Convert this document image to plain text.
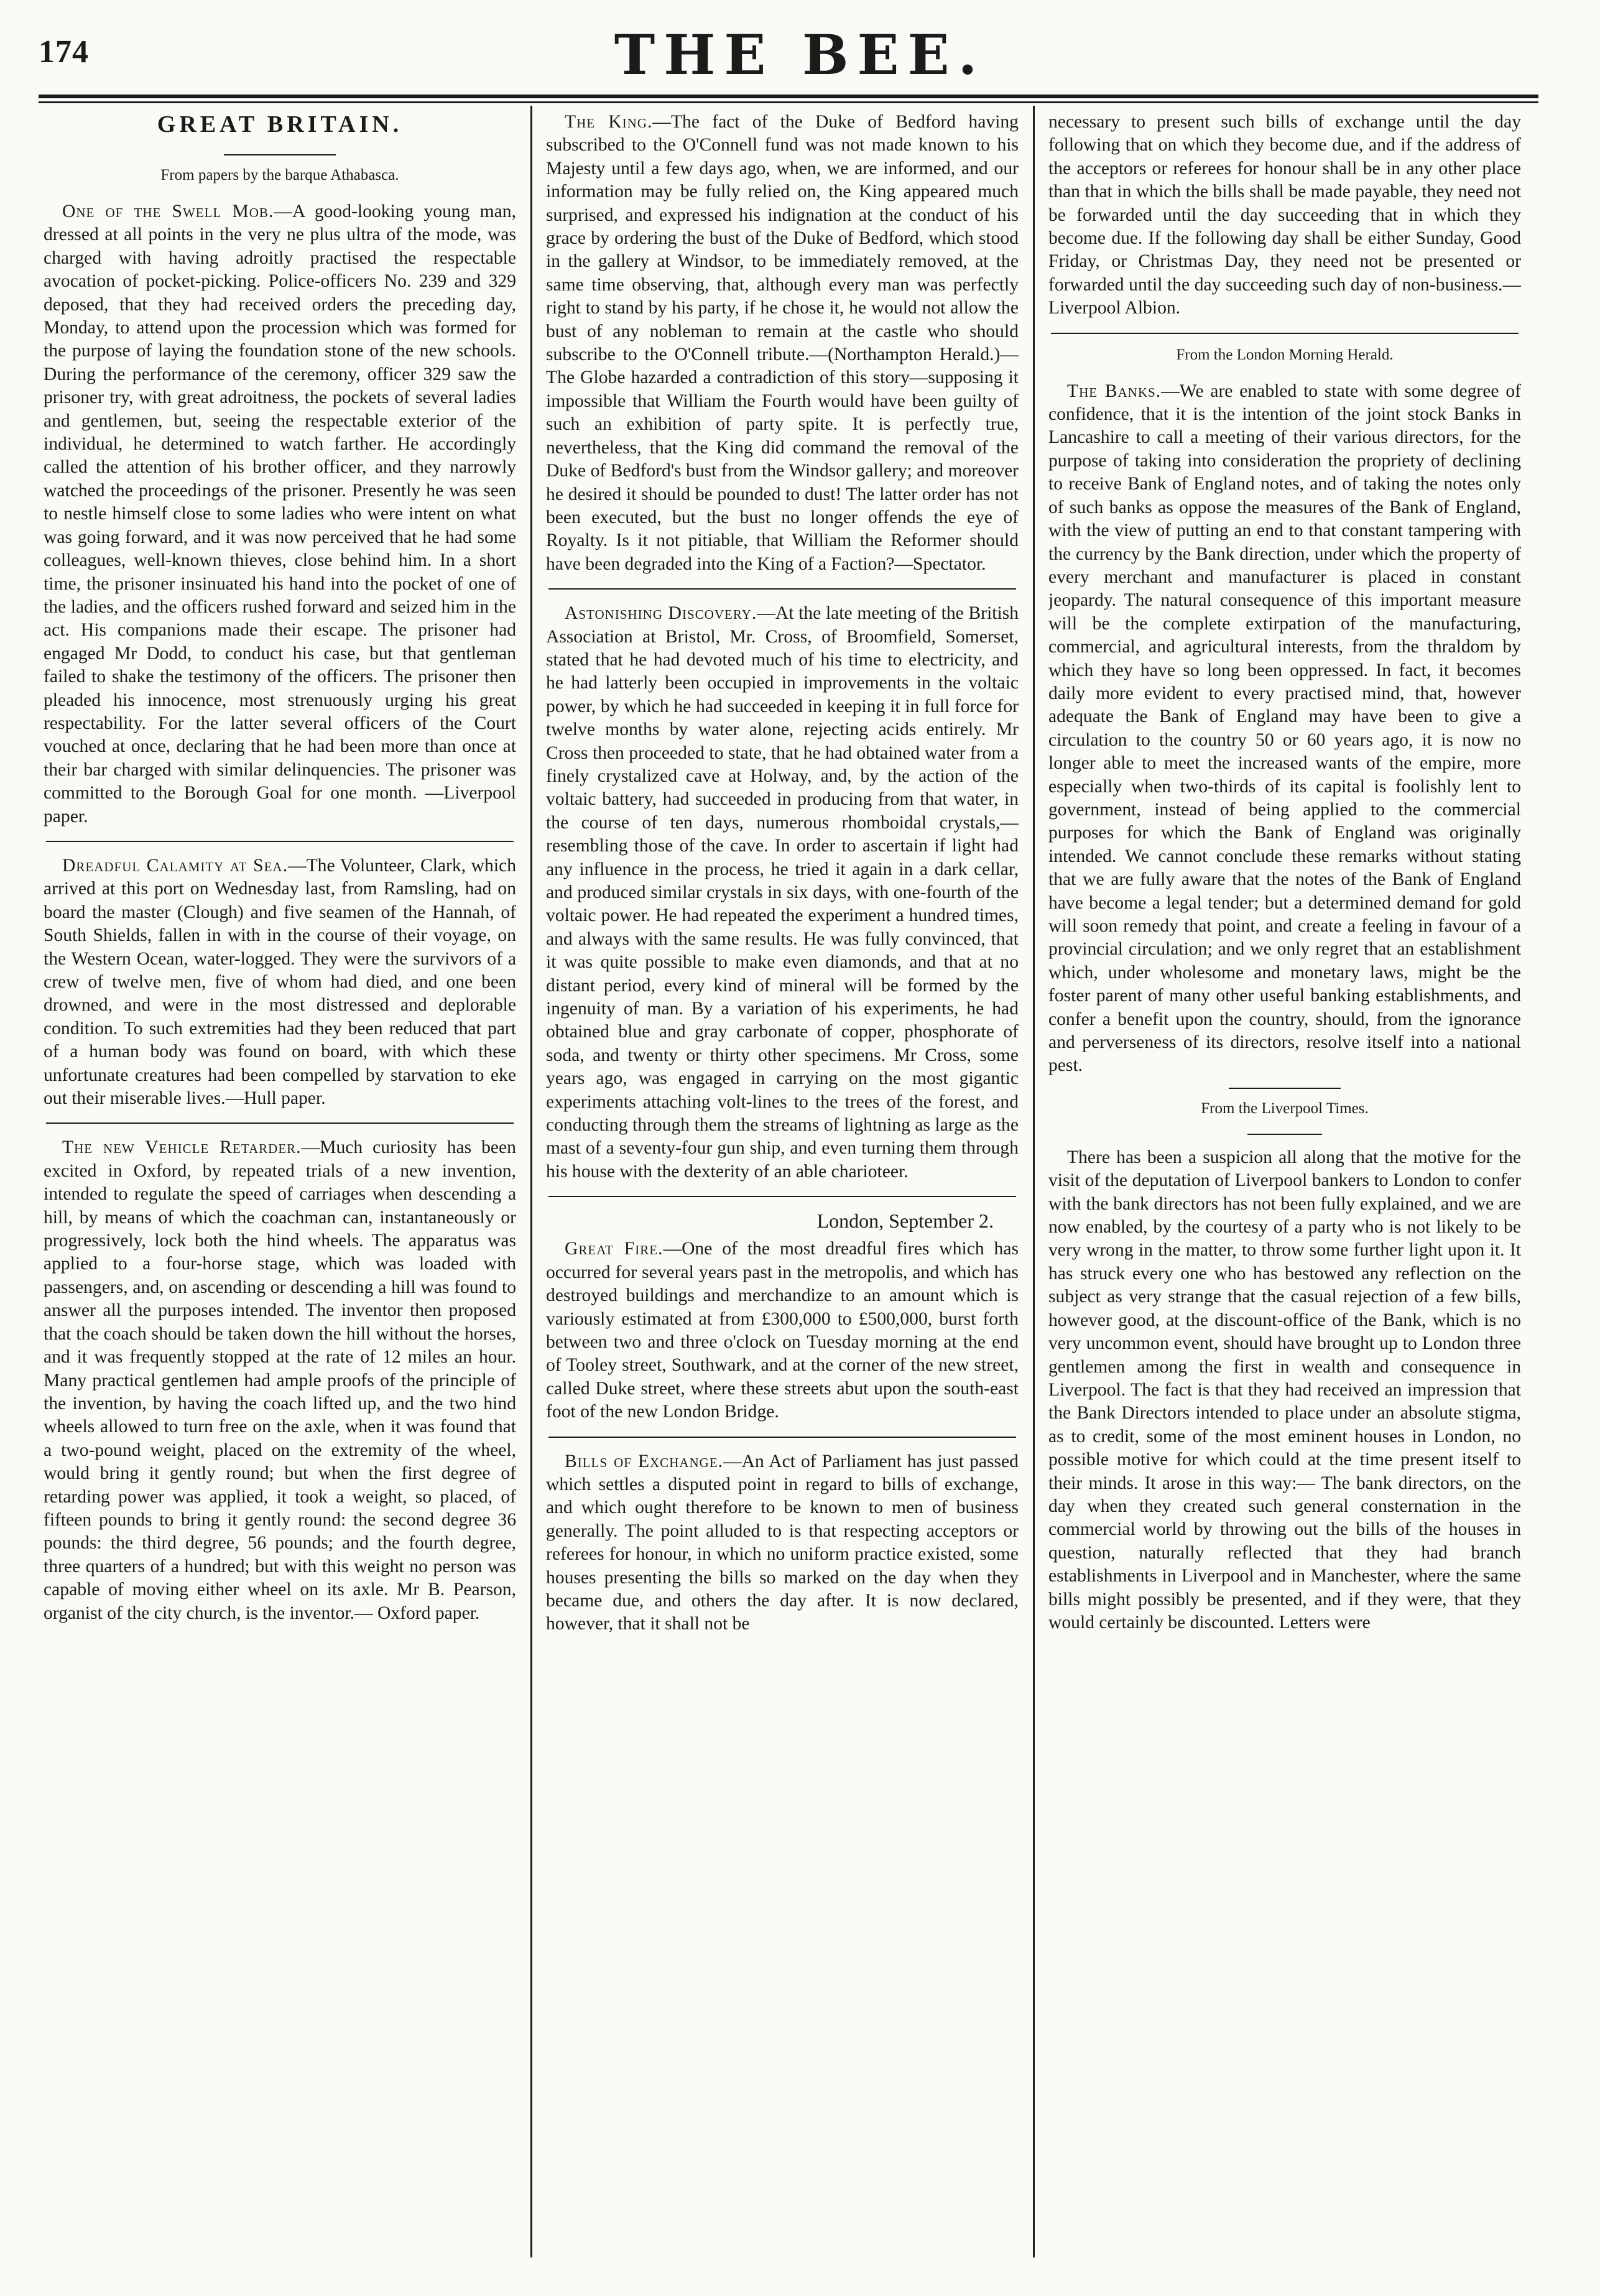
174	THE BEE.
GREAT BRITAIN.
From papers by the barque Athabasca.

One of the Swell Mob.—A good-looking young man, dressed at all points in the very ne plus ultra of the mode, was charged with having adroitly practised the respectable avocation of pocket-picking. Police-officers No. 239 and 329 deposed, that they had received orders the preceding day, Monday, to attend upon the procession which was formed for the purpose of laying the foundation stone of the new schools. During the performance of the ceremony, officer 329 saw the prisoner try, with great adroitness, the pockets of several ladies and gentlemen, but, seeing the respectable exterior of the individual, he determined to watch farther. He accordingly called the attention of his brother officer, and they narrowly watched the proceedings of the prisoner. Presently he was seen to nestle himself close to some ladies who were intent on what was going forward, and it was now perceived that he had some colleagues, well-known thieves, close behind him. In a short time, the prisoner insinuated his hand into the pocket of one of the ladies, and the officers rushed forward and seized him in the act. His companions made their escape. The prisoner had engaged Mr Dodd, to conduct his case, but that gentleman failed to shake the testimony of the officers. The prisoner then pleaded his innocence, most strenuously urging his great respectability. For the latter several officers of the Court vouched at once, declaring that he had been more than once at their bar charged with similar delinquencies. The prisoner was committed to the Borough Goal for one month. —Liverpool paper.

Dreadful Calamity at Sea.—The Volunteer, Clark, which arrived at this port on Wednesday last, from Ramsling, had on board the master (Clough) and five seamen of the Hannah, of South Shields, fallen in with in the course of their voyage, on the Western Ocean, water-logged. They were the survivors of a crew of twelve men, five of whom had died, and one been drowned, and were in the most distressed and deplorable condition. To such extremities had they been reduced that part of a human body was found on board, with which these unfortunate creatures had been compelled by starvation to eke out their miserable lives.—Hull paper.

The new Vehicle Retarder.—Much curiosity has been excited in Oxford, by repeated trials of a new invention, intended to regulate the speed of carriages when descending a hill, by means of which the coachman can, instantaneously or progressively, lock both the hind wheels. The apparatus was applied to a four-horse stage, which was loaded with passengers, and, on ascending or descending a hill was found to answer all the purposes intended. The inventor then proposed that the coach should be taken down the hill without the horses, and it was frequently stopped at the rate of 12 miles an hour. Many practical gentlemen had ample proofs of the principle of the invention, by having the coach lifted up, and the two hind wheels allowed to turn free on the axle, when it was found that a two-pound weight, placed on the extremity of the wheel, would bring it gently round; but when the first degree of retarding power was applied, it took a weight, so placed, of fifteen pounds to bring it gently round: the second degree 36 pounds: the third degree, 56 pounds; and the fourth degree, three quarters of a hundred; but with this weight no person was capable of moving either wheel on its axle. Mr B. Pearson, organist of the city church, is the inventor.— Oxford paper.

The King.—The fact of the Duke of Bedford having subscribed to the O'Connell fund was not made known to his Majesty until a few days ago, when, we are informed, and our information may be fully relied on, the King appeared much surprised, and expressed his indignation at the conduct of his grace by ordering the bust of the Duke of Bedford, which stood in the gallery at Windsor, to be immediately removed, at the same time observing, that, although every man was perfectly right to stand by his party, if he chose it, he would not allow the bust of any nobleman to remain at the castle who should subscribe to the O'Connell tribute.—(Northampton Herald.)—The Globe hazarded a contradiction of this story—supposing it impossible that William the Fourth would have been guilty of such an exhibition of party spite. It is perfectly true, nevertheless, that the King did command the removal of the Duke of Bedford's bust from the Windsor gallery; and moreover he desired it should be pounded to dust! The latter order has not been executed, but the bust no longer offends the eye of Royalty. Is it not pitiable, that William the Reformer should have been degraded into the King of a Faction?—Spectator.

Astonishing Discovery.—At the late meeting of the British Association at Bristol, Mr. Cross, of Broomfield, Somerset, stated that he had devoted much of his time to electricity, and he had latterly been occupied in improvements in the voltaic power, by which he had succeeded in keeping it in full force for twelve months by water alone, rejecting acids entirely. Mr Cross then proceeded to state, that he had obtained water from a finely crystalized cave at Holway, and, by the action of the voltaic battery, had succeeded in producing from that water, in the course of ten days, numerous rhomboidal crystals,—resembling those of the cave. In order to ascertain if light had any influence in the process, he tried it again in a dark cellar, and produced similar crystals in six days, with one-fourth of the voltaic power. He had repeated the experiment a hundred times, and always with the same results. He was fully convinced, that it was quite possible to make even diamonds, and that at no distant period, every kind of mineral will be formed by the ingenuity of man. By a variation of his experiments, he had obtained blue and gray carbonate of copper, phosphorate of soda, and twenty or thirty other specimens. Mr Cross, some years ago, was engaged in carrying on the most gigantic experiments attaching volt-lines to the trees of the forest, and conducting through them the streams of lightning as large as the mast of a seventy-four gun ship, and even turning them through his house with the dexterity of an able charioteer.

London, September 2.

Great Fire.—One of the most dreadful fires which has occurred for several years past in the metropolis, and which has destroyed buildings and merchandize to an amount which is variously estimated at from £300,000 to £500,000, burst forth between two and three o'clock on Tuesday morning at the end of Tooley street, Southwark, and at the corner of the new street, called Duke street, where these streets abut upon the south-east foot of the new London Bridge.

Bills of Exchange.—An Act of Parliament has just passed which settles a disputed point in regard to bills of exchange, and which ought therefore to be known to men of business generally. The point alluded to is that respecting acceptors or referees for honour, in which no uniform practice existed, some houses presenting the bills so marked on the day when they became due, and others the day after. It is now declared, however, that it shall not be

necessary to present such bills of exchange until the day following that on which they become due, and if the address of the acceptors or referees for honour shall be in any other place than that in which the bills shall be made payable, they need not be forwarded until the day succeeding that in which they become due. If the following day shall be either Sunday, Good Friday, or Christmas Day, they need not be presented or forwarded until the day succeeding such day of non-business.— Liverpool Albion.

From the London Morning Herald.

The Banks.—We are enabled to state with some degree of confidence, that it is the intention of the joint stock Banks in Lancashire to call a meeting of their various directors, for the purpose of taking into consideration the propriety of declining to receive Bank of England notes, and of taking the notes only of such banks as oppose the measures of the Bank of England, with the view of putting an end to that constant tampering with the currency by the Bank direction, under which the property of every merchant and manufacturer is placed in constant jeopardy. The natural consequence of this important measure will be the complete extirpation of the manufacturing, commercial, and agricultural interests, from the thraldom by which they have so long been oppressed. In fact, it becomes daily more evident to every practised mind, that, however adequate the Bank of England may have been to give a circulation to the country 50 or 60 years ago, it is now no longer able to meet the increased wants of the empire, more especially when two-thirds of its capital is foolishly lent to government, instead of being applied to the commercial purposes for which the Bank of England was originally intended. We cannot conclude these remarks without stating that we are fully aware that the notes of the Bank of England have become a legal tender; but a determined demand for gold will soon remedy that point, and create a feeling in favour of a provincial circulation; and we only regret that an establishment which, under wholesome and monetary laws, might be the foster parent of many other useful banking establishments, and confer a benefit upon the country, should, from the ignorance and perverseness of its directors, resolve itself into a national pest.

From the Liverpool Times.

There has been a suspicion all along that the motive for the visit of the deputation of Liverpool bankers to London to confer with the bank directors has not been fully explained, and we are now enabled, by the courtesy of a party who is not likely to be very wrong in the matter, to throw some further light upon it. It has struck every one who has bestowed any reflection on the subject as very strange that the casual rejection of a few bills, however good, at the discount-office of the Bank, which is no very uncommon event, should have brought up to London three gentlemen among the first in wealth and consequence in Liverpool. The fact is that they had received an impression that the Bank Directors intended to place under an absolute stigma, as to credit, some of the most eminent houses in London, no possible motive for which could at the time present itself to their minds. It arose in this way:— The bank directors, on the day when they created such general consternation in the commercial world by throwing out the bills of the houses in question, naturally reflected that they had branch establishments in Liverpool and in Manchester, where the same bills might possibly be presented, and if they were, that they would certainly be discounted. Letters were
